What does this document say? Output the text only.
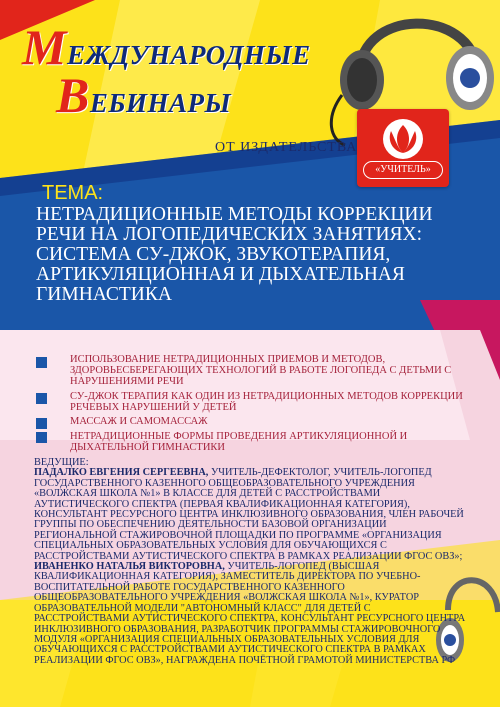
МЕЖДУНАРОДНЫЕ
ВЕБИНАРЫ
ОТ ИЗДАТЕЛЬСТВА
«УЧИТЕЛЬ»
ТЕМА:
НЕТРАДИЦИОННЫЕ МЕТОДЫ КОРРЕКЦИИ РЕЧИ НА ЛОГОПЕДИЧЕСКИХ ЗАНЯТИЯХ: СИСТЕМА СУ-ДЖОК, ЗВУКОТЕРАПИЯ, АРТИКУЛЯЦИОННАЯ И ДЫХАТЕЛЬНАЯ ГИМНАСТИКА
ИСПОЛЬЗОВАНИЕ НЕТРАДИЦИОННЫХ ПРИЕМОВ И МЕТОДОВ, ЗДОРОВЬЕСБЕРЕГАЮЩИХ ТЕХНОЛОГИЙ В РАБОТЕ ЛОГОПЕДА С ДЕТЬМИ С НАРУШЕНИЯМИ РЕЧИ
СУ-ДЖОК ТЕРАПИЯ КАК ОДИН ИЗ НЕТРАДИЦИОННЫХ МЕТОДОВ КОРРЕКЦИИ РЕЧЕВЫХ НАРУШЕНИЙ У ДЕТЕЙ
МАССАЖ И САМОМАССАЖ
НЕТРАДИЦИОННЫЕ ФОРМЫ ПРОВЕДЕНИЯ АРТИКУЛЯЦИОННОЙ И ДЫХАТЕЛЬНОЙ ГИМНАСТИКИ
ВЕДУЩИЕ:
ПАДАЛКО ЕВГЕНИЯ СЕРГЕЕВНА, УЧИТЕЛЬ-ДЕФЕКТОЛОГ, УЧИТЕЛЬ-ЛОГОПЕД ГОСУДАРСТВЕННОГО КАЗЕННОГО ОБЩЕОБРАЗОВАТЕЛЬНОГО УЧРЕЖДЕНИЯ «ВОЛЖСКАЯ ШКОЛА №1» В КЛАССЕ ДЛЯ ДЕТЕЙ С РАССТРОЙСТВАМИ АУТИСТИЧЕСКОГО СПЕКТРА (ПЕРВАЯ КВАЛИФИКАЦИОННАЯ КАТЕГОРИЯ), КОНСУЛЬТАНТ РЕСУРСНОГО ЦЕНТРА ИНКЛЮЗИВНОГО ОБРАЗОВАНИЯ, ЧЛЕН РАБОЧЕЙ ГРУППЫ ПО ОБЕСПЕЧЕНИЮ ДЕЯТЕЛЬНОСТИ БАЗОВОЙ ОРГАНИЗАЦИИ РЕГИОНАЛЬНОЙ СТАЖИРОВОЧНОЙ ПЛОЩАДКИ ПО ПРОГРАММЕ «ОРГАНИЗАЦИЯ СПЕЦИАЛЬНЫХ ОБРАЗОВАТЕЛЬНЫХ УСЛОВИЯ ДЛЯ ОБУЧАЮЩИХСЯ С РАССТРОЙСТВАМИ АУТИСТИЧЕСКОГО СПЕКТРА В РАМКАХ РЕАЛИЗАЦИИ ФГОС ОВЗ»;
ИВАНЕНКО НАТАЛЬЯ ВИКТОРОВНА, УЧИТЕЛЬ-ЛОГОПЕД (ВЫСШАЯ КВАЛИФИКАЦИОННАЯ КАТЕГОРИЯ), ЗАМЕСТИТЕЛЬ ДИРЕКТОРА ПО УЧЕБНО-ВОСПИТАТЕЛЬНОЙ РАБОТЕ ГОСУДАРСТВЕННОГО КАЗЕННОГО ОБЩЕОБРАЗОВАТЕЛЬНОГО УЧРЕЖДЕНИЯ «ВОЛЖСКАЯ ШКОЛА №1», КУРАТОР ОБРАЗОВАТЕЛЬНОЙ МОДЕЛИ "АВТОНОМНЫЙ КЛАСС" ДЛЯ ДЕТЕЙ С РАССТРОЙСТВАМИ АУТИСТИЧЕСКОГО СПЕКТРА, КОНСУЛЬТАНТ РЕСУРСНОГО ЦЕНТРА ИНКЛЮЗИВНОГО ОБРАЗОВАНИЯ, РАЗРАБОТЧИК ПРОГРАММЫ СТАЖИРОВОЧНОГО МОДУЛЯ «ОРГАНИЗАЦИЯ СПЕЦИАЛЬНЫХ ОБРАЗОВАТЕЛЬНЫХ УСЛОВИЯ ДЛЯ ОБУЧАЮЩИХСЯ С РАССТРОЙСТВАМИ АУТИСТИЧЕСКОГО СПЕКТРА В РАМКАХ РЕАЛИЗАЦИИ ФГОС ОВЗ», НАГРАЖДЕНА ПОЧЁТНОЙ ГРАМОТОЙ МИНИСТЕРСТВА РФ
